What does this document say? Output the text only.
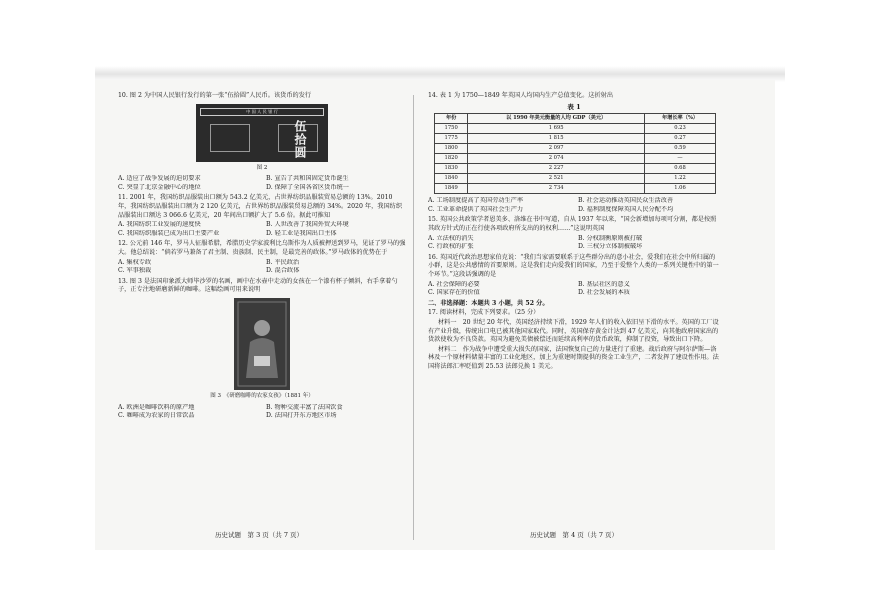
10. 图 2 为中国人民银行发行的第一张“伍拾圆”人民币。该货币的发行
中 国 人 民 银 行
伍拾圆
图 2
A. 适应了战争发展的迫切要求	B. 宣告了共和国固定货币诞生
C. 突显了北京金融中心的地位	D. 保障了全国各省区货币统一
11. 2001 年，我国纺织品服装出口额为 543.2 亿美元，占世界纺织品服装贸易总额的 13%。2010 年，我国纺织品服装出口额为 2 120 亿美元，占世界纺织品服装贸易总额的 34%。2020 年，我国纺织品服装出口额达 3 066.6 亿美元，20 年间出口额扩大了 5.6 倍。据此可推知
A. 我国纺织工业发展的速度快	B. 人世改善了我国外贸大环境
C. 我国纺织服装已成为出口主要产业	D. 轻工业是我国出口主体
12. 公元前 146 年，罗马人征服希腊，希腊历史学家波利比乌斯作为人质被押送到罗马，见证了罗马的强大。他总结说：“倘若罗马兼备了君主制、贵族制、民主制，是最完善的政体。”罗马政体的优势在于
A. 集权专政	B. 平民政治
C. 军事独裁	D. 混合政体
13. 图 3 是法国印象派大师毕沙罗的名画，画中在水壶中走动的女孩在一个漆有杯子倾斜，右手拿着勺子，正专注地研磨新鲜的咖啡。这幅绘画可用来说明
图 3　《研磨咖啡的农家女孩》（1881 年）
A. 欧洲是咖啡饮料的原产地	B. 物种交流丰富了法国饮食
C. 咖啡成为农家的日常饮品	D. 法国打开东方地区市场
历史试题　第 3 页（共 7 页）
14. 表 1 为 1750—1849 年英国人均国内生产总值变化。这折射出
表 1
年份	以 1990 年美元衡量的人均 GDP（美元）	年增长率（%）
1750	1 695	0.23
1775	1 815	0.27
1800	2 097	0.59
1820	2 074	—
1830	2 227	0.68
1840	2 521	1.22
1849	2 734	1.06
A. 工场制度提高了英国劳动生产率	B. 社会运动推动英国民众生活改善
C. 工业革命提供了英国社会生产力	D. 福利制度保障英国人民分配不均
15. 英国公共政策学者恩美多、洛维在书中写道，自从 1937 年以来，“国会新增加每项可分割，都是按照其政方针式的正在行使各项政府所支出的的权利……”这说明英国
A. 立法权的消失	B. 分权制衡原则被打破
C. 行政权的扩张	D. 三权分立体制被破坏
16. 英国近代政治思想家伯克说：“我们当家需要联系于这些群分出的意小社会，爱我们在社会中所归属的小群，这是公共感情的首要原则。这是我们走向爱我们的国家，乃至于爱整个人类的一系列关键性中的第一个环节。”这段话强调的是
A. 社会保障的必要	B. 基层社区的意义
C. 国家存在的价值	D. 社会发展的本质
二、非选择题：本题共 3 小题，共 52 分。
17. 阅读材料，完成下列要求。（25 分）
材料一　20 世纪 20 年代，英国经济持续下滑，1929 年人们的收入依旧呈下滑的水平。英国的工厂设有产业升级，传统出口电已被其他国家取代。同时，英国保存黄金计达到 47 亿美元，向其他政府国家出的货款使收为不良贷款。英国为避免美债被偿还而延续高利率的货币政策，抑制了投资，导致出口下降。
材料二　作为战争中遭受重大损失的国家，法国恢复自己的力量进行了重建。战后政府与阿尔萨斯—洛林及一个原材料储量丰富的工业化地区，加上为重建时期提供的资金工业生产，二者发挥了建设性作用。法国将法郎汇率贬值到 25.53 法郎兑换 1 美元。
历史试题　第 4 页（共 7 页）
